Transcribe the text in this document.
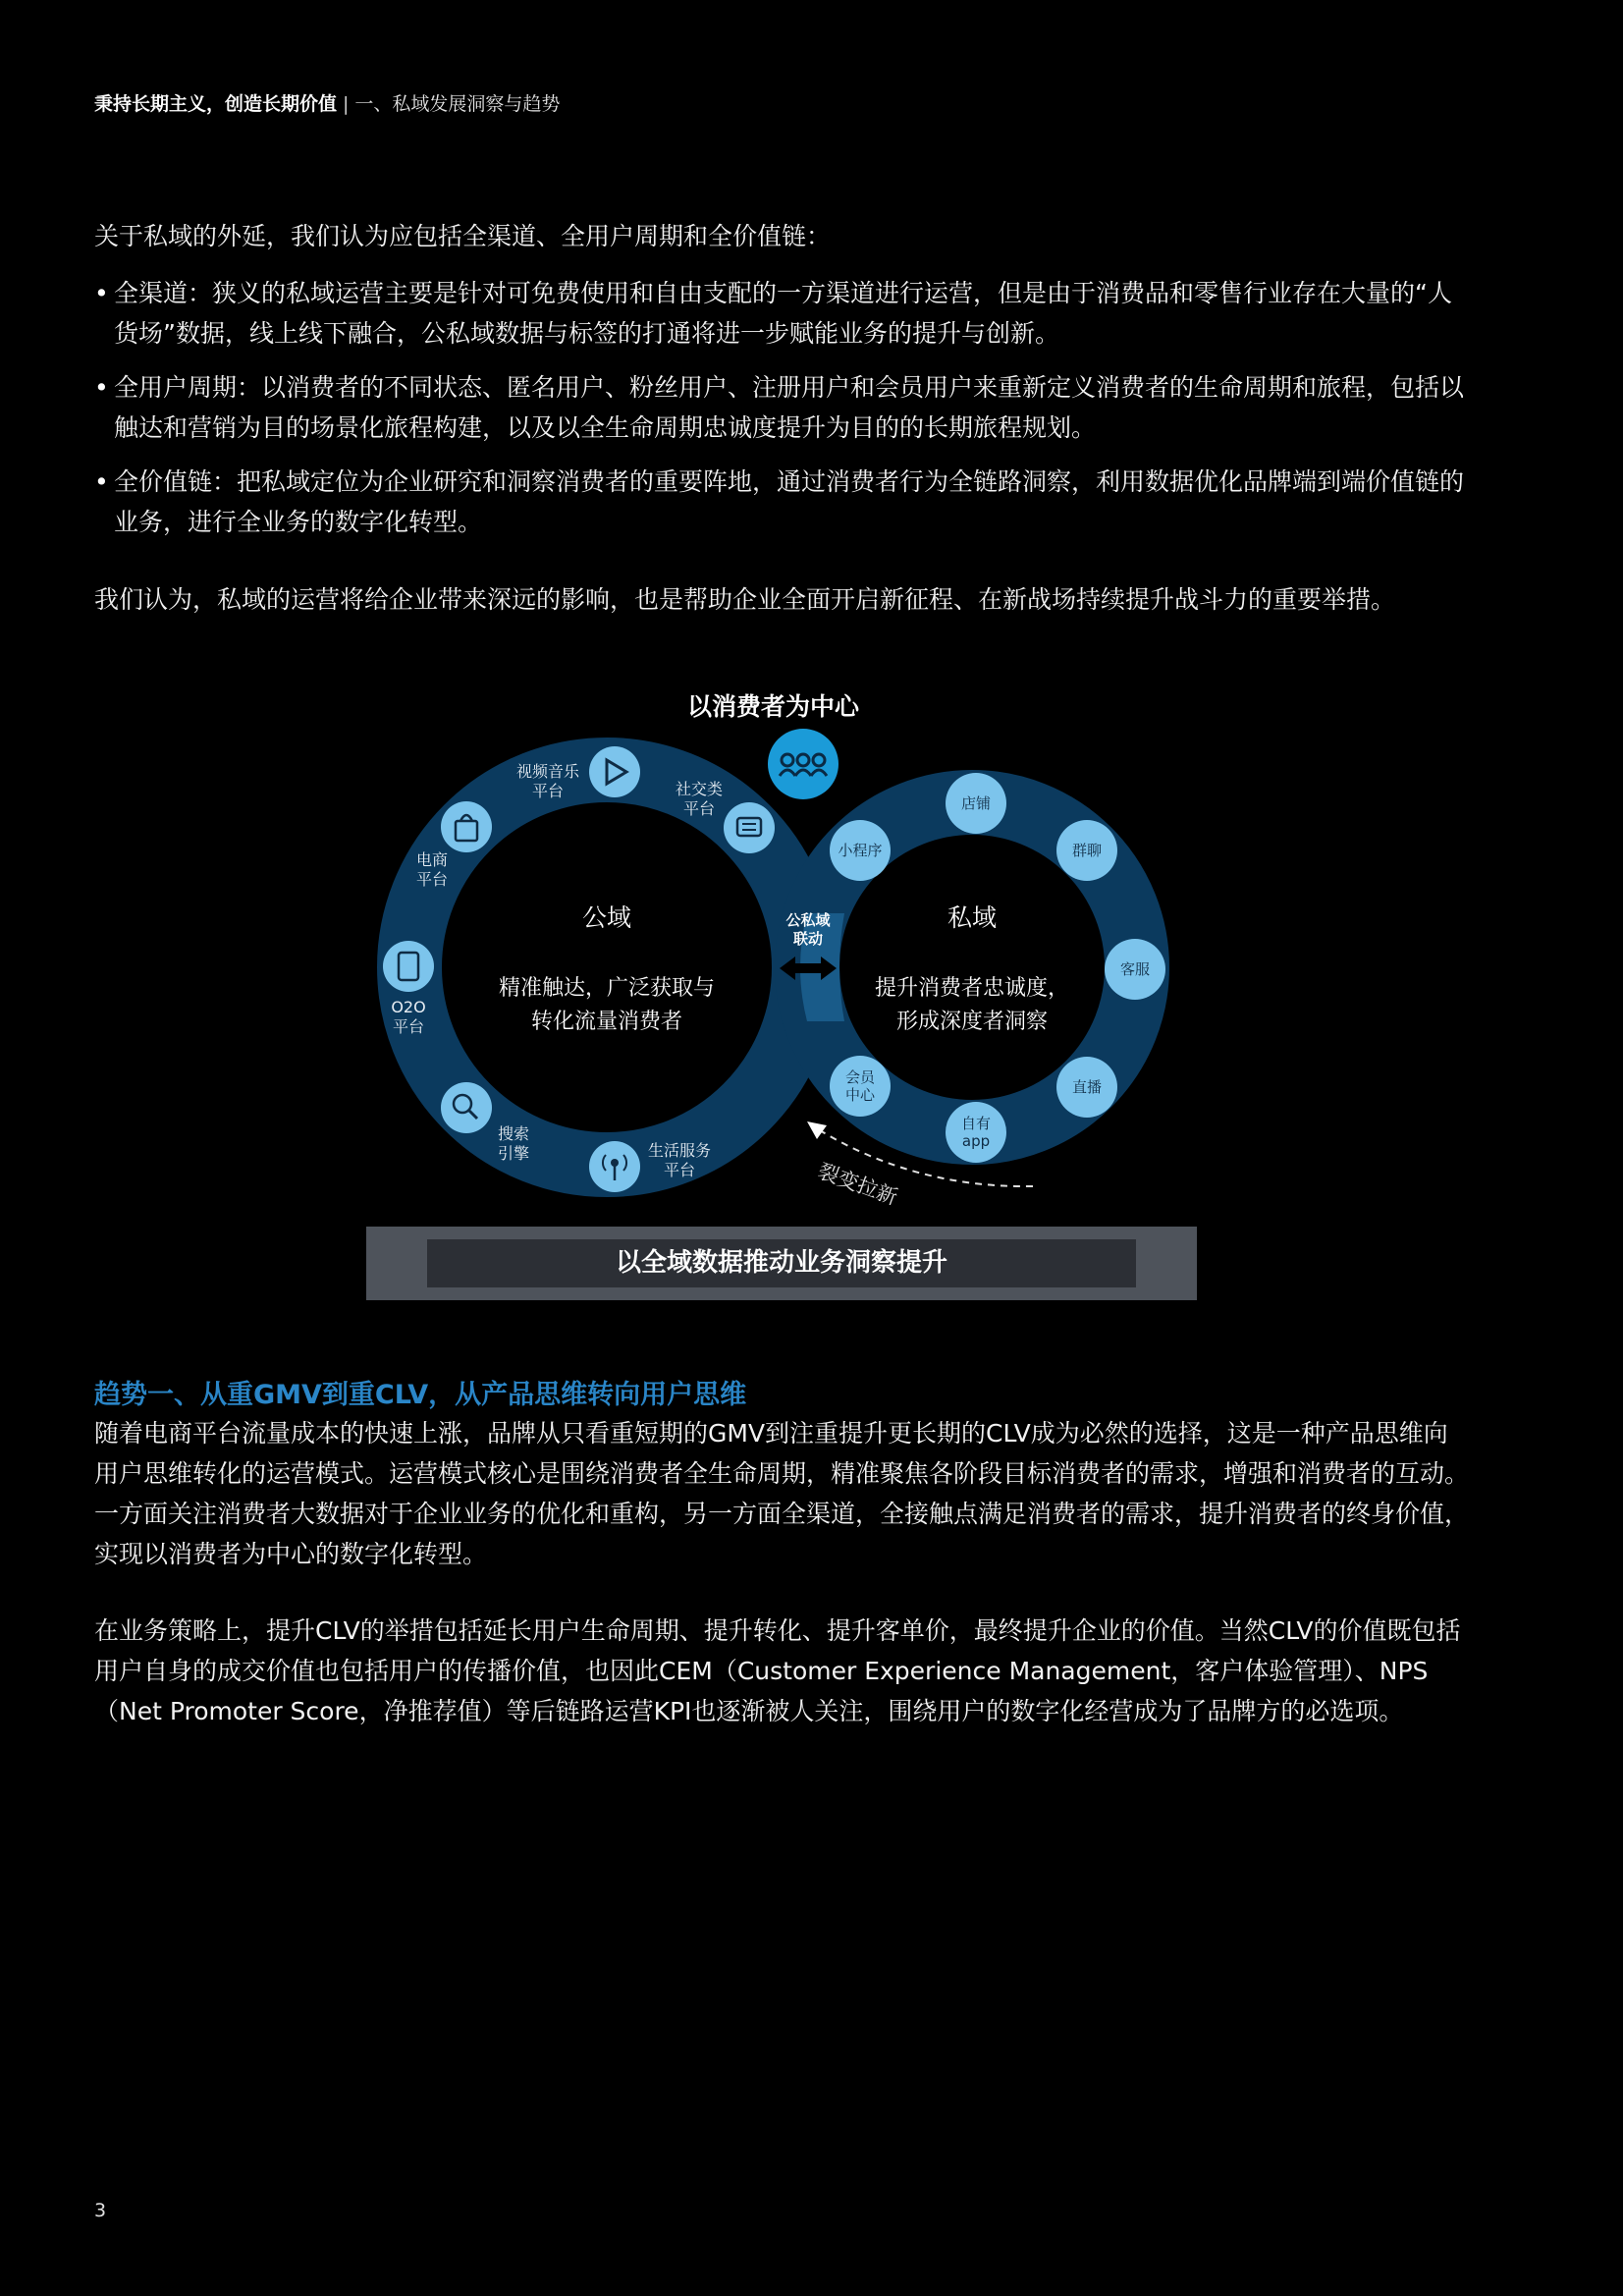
秉持长期主义，创造长期价值 | 一、私域发展洞察与趋势
关于私域的外延，我们认为应包括全渠道、全用户周期和全价值链：
• 全渠道：狭义的私域运营主要是针对可免费使用和自由支配的一方渠道进行运营，但是由于消费品和零售行业存在大量的“人货场”数据，线上线下融合，公私域数据与标签的打通将进一步赋能业务的提升与创新。
• 全用户周期：以消费者的不同状态、匿名用户、粉丝用户、注册用户和会员用户来重新定义消费者的生命周期和旅程，包括以触达和营销为目的场景化旅程构建，以及以全生命周期忠诚度提升为目的的长期旅程规划。
• 全价值链：把私域定位为企业研究和洞察消费者的重要阵地，通过消费者行为全链路洞察，利用数据优化品牌端到端价值链的业务，进行全业务的数字化转型。
我们认为，私域的运营将给企业带来深远的影响，也是帮助企业全面开启新征程、在新战场持续提升战斗力的重要举措。
以消费者为中心
公域
精准触达，广泛获取与
转化流量消费者
私域
提升消费者忠诚度，
形成深度者洞察
公私域
联动
视频音乐
平台	社交类
平台
电商
平台
O2O
平台
搜索
引擎	生活服务
平台
店铺
群聊
小程序
客服
直播
会员
中心
自有
app
裂变拉新
以全域数据推动业务洞察提升
趋势一、从重GMV到重CLV，从产品思维转向用户思维
随着电商平台流量成本的快速上涨，品牌从只看重短期的GMV到注重提升更长期的CLV成为必然的选择，这是一种产品思维向用户思维转化的运营模式。运营模式核心是围绕消费者全生命周期，精准聚焦各阶段目标消费者的需求，增强和消费者的互动。一方面关注消费者大数据对于企业业务的优化和重构，另一方面全渠道，全接触点满足消费者的需求，提升消费者的终身价值，实现以消费者为中心的数字化转型。
在业务策略上，提升CLV的举措包括延长用户生命周期、提升转化、提升客单价，最终提升企业的价值。当然CLV的价值既包括用户自身的成交价值也包括用户的传播价值，也因此CEM（Customer Experience Management，客户体验管理）、NPS（Net Promoter Score，净推荐值）等后链路运营KPI也逐渐被人关注，围绕用户的数字化经营成为了品牌方的必选项。
3
